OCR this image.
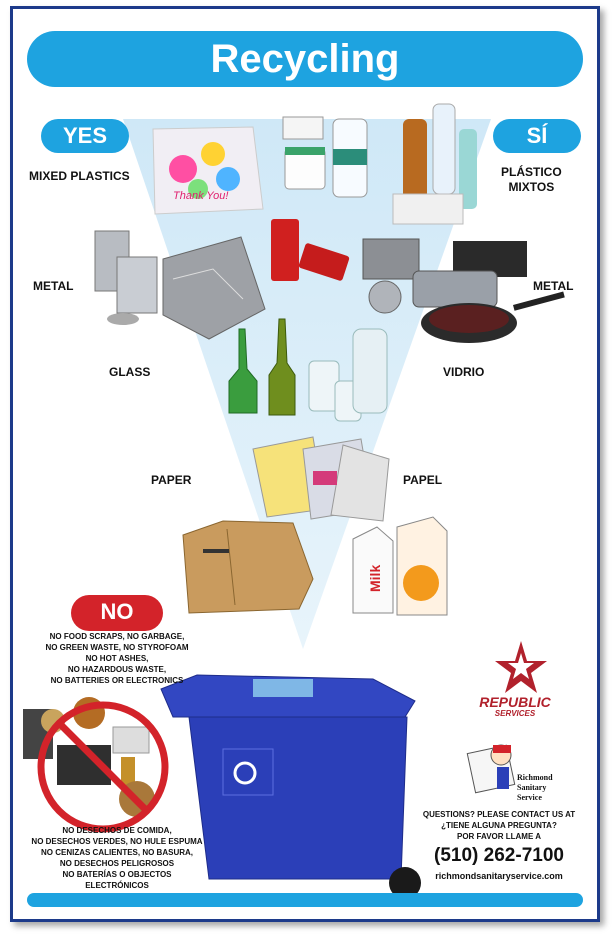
Thank You!
Milk
Recycling
YES	SÍ
NO
MIXED PLASTICS	PLÁSTICO
MIXTOS
METAL	METAL
GLASS	VIDRIO
PAPER	PAPEL
NO FOOD SCRAPS, NO GARBAGE,
NO GREEN WASTE, NO STYROFOAM
NO HOT ASHES,
NO HAZARDOUS WASTE,
NO BATTERIES OR ELECTRONICS
NO DESECHOS DE COMIDA,
NO DESECHOS VERDES, NO HULE ESPUMA
NO CENIZAS CALIENTES, NO BASURA,
NO DESECHOS PELIGROSOS
NO BATERÍAS O OBJECTOS
ELECTRÓNICOS
REPUBLIC
SERVICES
Richmond
Sanitary
Service
QUESTIONS? PLEASE CONTACT US AT
¿TIENE ALGUNA PREGUNTA?
POR FAVOR LLAME A
(510) 262-7100
richmondsanitaryservice.com
